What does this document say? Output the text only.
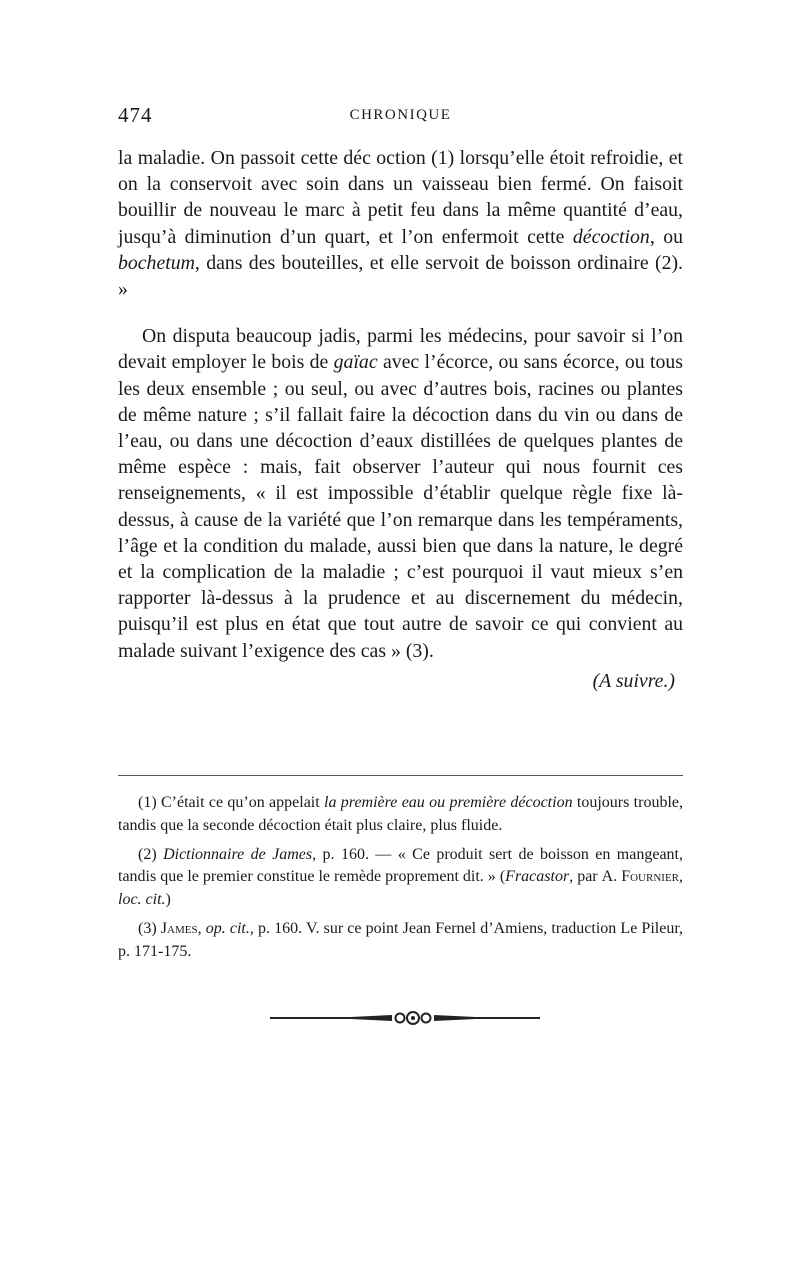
474	CHRONIQUE

la maladie. On passoit cette déc oction (1) lorsqu’elle étoit refroidie, et on la conservoit avec soin dans un vaisseau bien fermé. On faisoit bouillir de nouveau le marc à petit feu dans la même quantité d’eau, jusqu’à diminution d’un quart, et l’on enfermoit cette décoction, ou bochetum, dans des bouteilles, et elle servoit de boisson ordinaire (2). »

On disputa beaucoup jadis, parmi les médecins, pour savoir si l’on devait employer le bois de gaïac avec l’écorce, ou sans écorce, ou tous les deux ensemble ; ou seul, ou avec d’autres bois, racines ou plantes de même nature ; s’il fallait faire la décoction dans du vin ou dans de l’eau, ou dans une décoction d’eaux distillées de quelques plantes de même espèce : mais, fait observer l’auteur qui nous fournit ces renseignements, « il est impossible d’établir quelque règle fixe là-dessus, à cause de la variété que l’on remarque dans les tempéraments, l’âge et la condition du malade, aussi bien que dans la nature, le degré et la complication de la maladie ; c’est pourquoi il vaut mieux s’en rapporter là-dessus à la prudence et au discernement du médecin, puisqu’il est plus en état que tout autre de savoir ce qui convient au malade suivant l’exigence des cas » (3).

(A suivre.)

(1) C’était ce qu’on appelait la première eau ou première décoction toujours trouble, tandis que la seconde décoction était plus claire, plus fluide.

(2) Dictionnaire de James, p. 160. — « Ce produit sert de boisson en mangeant, tandis que le premier constitue le remède proprement dit. » (Fracastor, par A. Fournier, loc. cit.)

(3) James, op. cit., p. 160. V. sur ce point Jean Fernel d’Amiens, traduction Le Pileur, p. 171-175.
